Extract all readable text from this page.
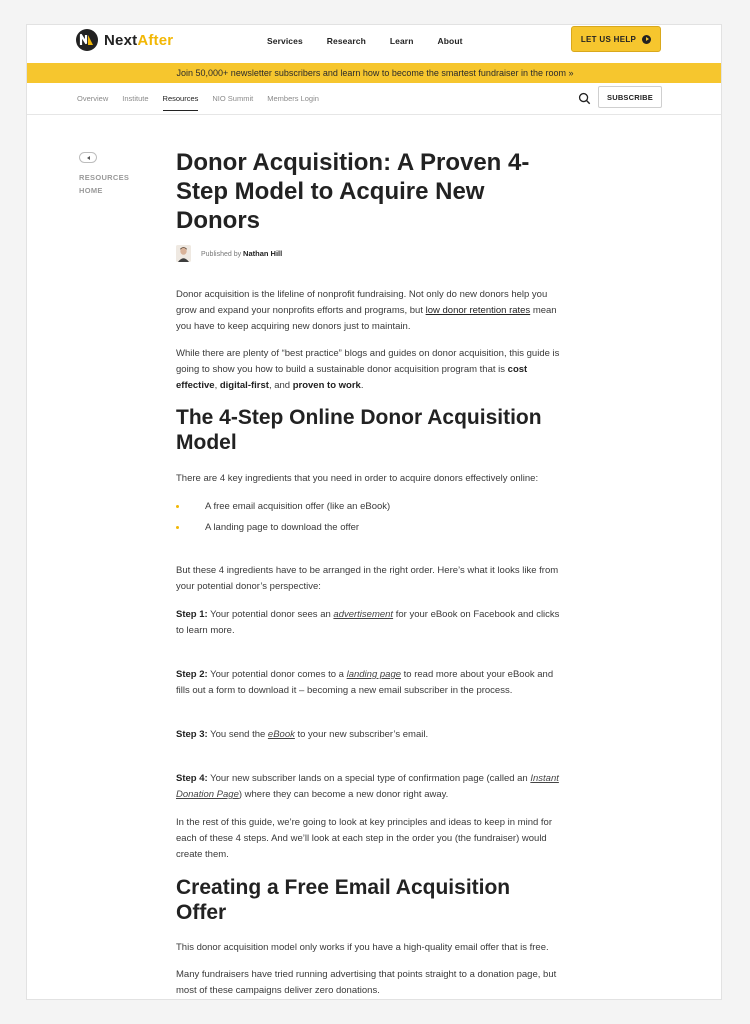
NextAfter	Services	Research	Learn	About	LET US HELP
Join 50,000+ newsletter subscribers and learn how to become the smartest fundraiser in the room »
Overview Institute Resources NIO Summit Members Login	SUBSCRIBE
RESOURCES HOME
Donor Acquisition: A Proven 4-Step Model to Acquire New Donors
Published by Nathan Hill

Donor acquisition is the lifeline of nonprofit fundraising. Not only do new donors help you grow and expand your nonprofits efforts and programs, but low donor retention rates mean you have to keep acquiring new donors just to maintain.

While there are plenty of “best practice” blogs and guides on donor acquisition, this guide is going to show you how to build a sustainable donor acquisition program that is cost effective, digital-first, and proven to work.

The 4-Step Online Donor Acquisition Model

There are 4 key ingredients that you need in order to acquire donors effectively online:

A free email acquisition offer (like an eBook)
A landing page to download the offer

But these 4 ingredients have to be arranged in the right order. Here’s what it looks like from your potential donor’s perspective:

Step 1: Your potential donor sees an advertisement for your eBook on Facebook and clicks to learn more.

Step 2: Your potential donor comes to a landing page to read more about your eBook and fills out a form to download it – becoming a new email subscriber in the process.

Step 3: You send the eBook to your new subscriber’s email.

Step 4: Your new subscriber lands on a special type of confirmation page (called an Instant Donation Page) where they can become a new donor right away.

In the rest of this guide, we’re going to look at key principles and ideas to keep in mind for each of these 4 steps. And we’ll look at each step in the order you (the fundraiser) would create them.

Creating a Free Email Acquisition Offer

This donor acquisition model only works if you have a high-quality email offer that is free.

Many fundraisers have tried running advertising that points straight to a donation page, but most of these campaigns deliver zero donations.
